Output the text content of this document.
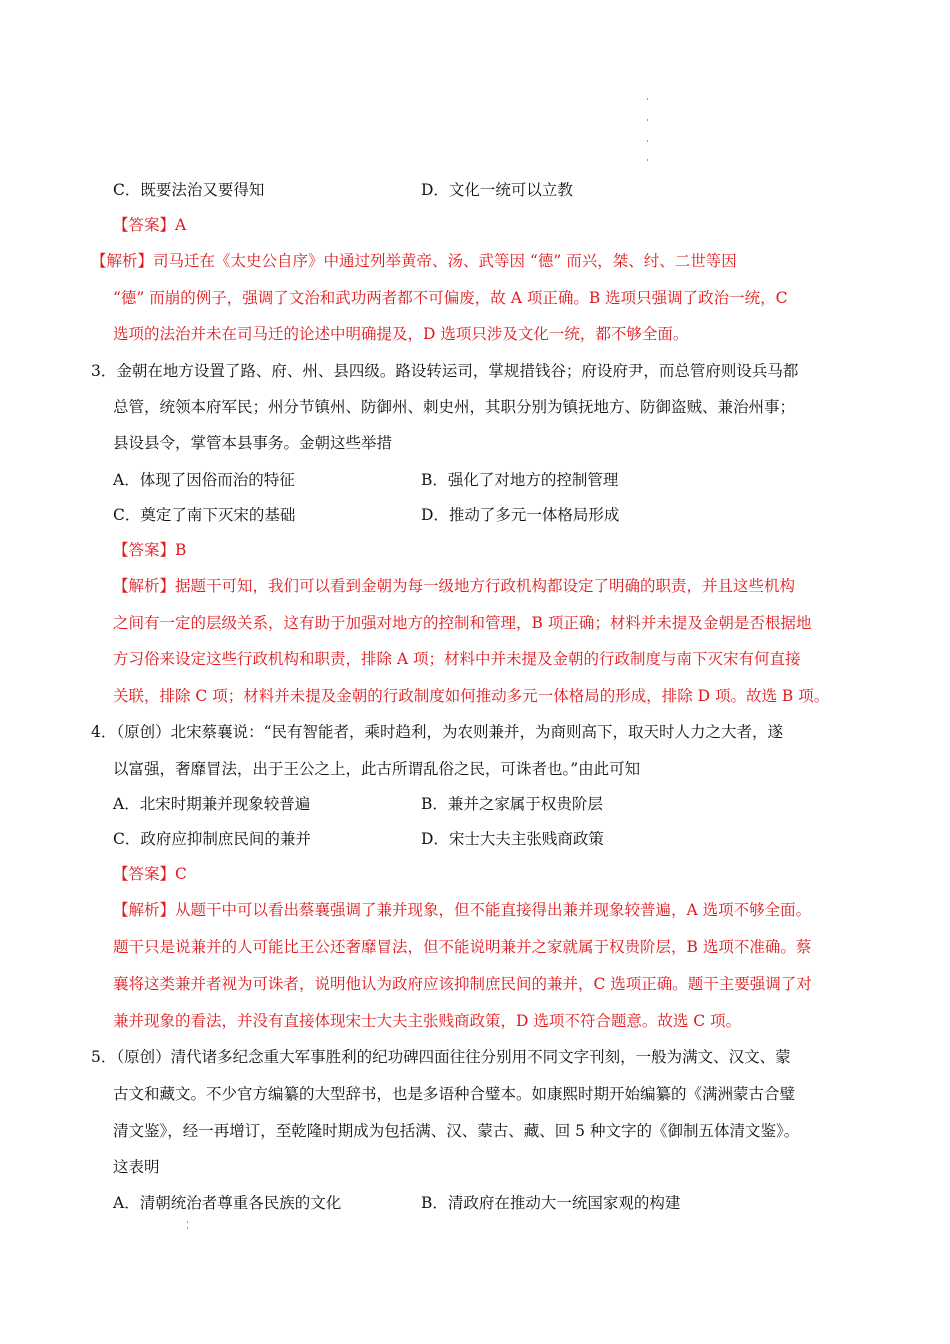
C．既要法治又要得知	D．文化一统可以立教
【答案】A
【解析】司马迁在《太史公自序》中通过列举黄帝、汤、武等因 “德” 而兴，桀、纣、二世等因
“德” 而崩的例子，强调了文治和武功两者都不可偏废，故 A 项正确。B 选项只强调了政治一统，C
选项的法治并未在司马迁的论述中明确提及，D 选项只涉及文化一统，都不够全面。
3．金朝在地方设置了路、府、州、县四级。路设转运司，掌规措钱谷；府设府尹，而总管府则设兵马都
总管，统领本府军民；州分节镇州、防御州、刺史州，其职分别为镇抚地方、防御盗贼、兼治州事；
县设县令，掌管本县事务。金朝这些举措
A．体现了因俗而治的特征	B．强化了对地方的控制管理
C．奠定了南下灭宋的基础	D．推动了多元一体格局形成
【答案】B
【解析】据题干可知，我们可以看到金朝为每一级地方行政机构都设定了明确的职责，并且这些机构
之间有一定的层级关系，这有助于加强对地方的控制和管理，B 项正确；材料并未提及金朝是否根据地
方习俗来设定这些行政机构和职责，排除 A 项；材料中并未提及金朝的行政制度与南下灭宋有何直接
关联，排除 C 项；材料并未提及金朝的行政制度如何推动多元一体格局的形成，排除 D 项。故选 B 项。
4．（原创）北宋蔡襄说：“民有智能者，乘时趋利，为农则兼并，为商则高下，取天时人力之大者，遂
以富强，奢靡冒法，出于王公之上，此古所谓乱俗之民，可诛者也。”由此可知
A．北宋时期兼并现象较普遍	B．兼并之家属于权贵阶层
C．政府应抑制庶民间的兼并	D．宋士大夫主张贱商政策
【答案】C
【解析】从题干中可以看出蔡襄强调了兼并现象，但不能直接得出兼并现象较普遍，A 选项不够全面。
题干只是说兼并的人可能比王公还奢靡冒法，但不能说明兼并之家就属于权贵阶层，B 选项不准确。蔡
襄将这类兼并者视为可诛者，说明他认为政府应该抑制庶民间的兼并，C 选项正确。题干主要强调了对
兼并现象的看法，并没有直接体现宋士大夫主张贱商政策，D 选项不符合题意。故选 C 项。
5．（原创）清代诸多纪念重大军事胜利的纪功碑四面往往分别用不同文字刊刻，一般为满文、汉文、蒙
古文和藏文。不少官方编纂的大型辞书，也是多语种合璧本。如康熙时期开始编纂的《满洲蒙古合璧
清文鉴》，经一再增订，至乾隆时期成为包括满、汉、蒙古、藏、回 5 种文字的《御制五体清文鉴》。
这表明
A．清朝统治者尊重各民族的文化	B．清政府在推动大一统国家观的构建
